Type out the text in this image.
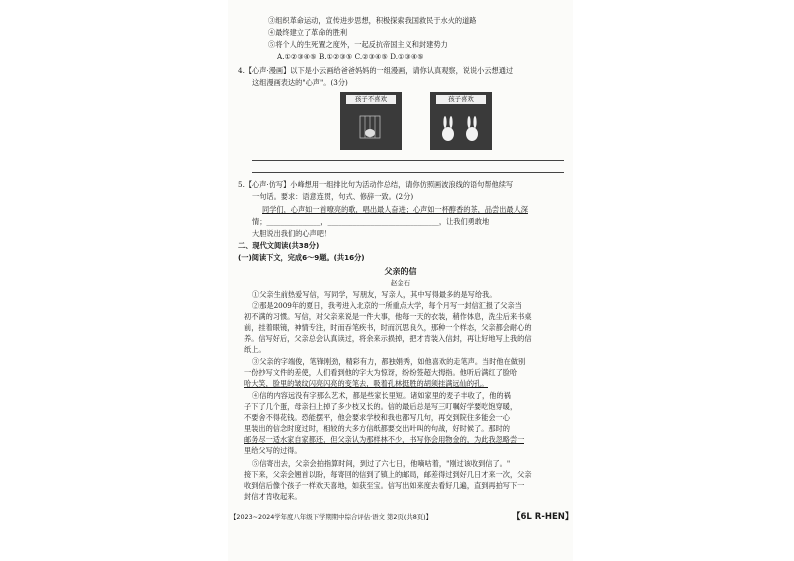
③组织革命运动，宣传进步思想，积极探索我国救民于水火的道路
④最终建立了革命的胜利
⑤将个人的生死置之度外，一起反抗帝国主义和封建势力
A.①②③④⑤ B.①②③⑤ C.②③④⑤ D.①③④⑤
4.【心声·漫画】以下是小云画给爸爸妈妈的一组漫画，请你认真观察，说说小云想通过
这组漫画表达的"心声"。(3分)
孩子不喜欢	孩子喜欢
5.【心声·仿写】小峰想用一组排比句为活动作总结，请你仿照画波浪线的语句帮他续写
一句话。要求：语意连贯，句式、修辞一致。(2分)
同学们，心声如一首嘹亮的歌，唱出最人奋进；心声如一杯醇香的茶，品尝出最人深
情；_______________，_______________________________，让我们勇敢地
大胆说出我们的心声吧！
二、现代文阅读(共38分)
(一)阅读下文，完成6～9题。(共16分)
父亲的信
赵金石
①父亲生前热爱写信，写同学，写朋友，写亲人，其中写得最多的是写给我。
②那是2009年的夏日，我考进入北京的一所重点大学，每个月写一封信汇报了父亲当
初不满的习惯。写信，对父亲来说是一件大事，他每一天的衣装，稍作体息，洗尘后来书桌
前，挂着眼镜，神情专注，时而吞笔疾书，时而沉思良久，那种一个样态，父亲都会耐心的
养。信写好后，父亲总会认真读过，将余来示损掉，把才肯装入信封，再让好地写上我的信
纸上。
③父亲的字端俊，笔锋刚劲，精彩有力，都独娟秀，如他喜欢的走笔声。当时他在做别
一份抄写文件的差使，人们看到他的字大为惊讶，纷纷签超大拇指。他听后满红了脸哈
哈大笑，脸里的皱纹闪亮闪亮的变笔去，吸着孔林挺胜的胡须挂满远仙的孔。
④信的内容远没有字那么艺术，都是些家长里短。诸如家里的麦子丰收了，他的祸
子下了几个蛋，母亲扫上掉了多少枝又长的。信的最后总是写三叮嘱好学要吃饱穿暖，
不要舍不得花钱。恐能摆平，他会要求学校和我也都写几句，再交到院住多能会一心
里装出的信念时度过时，相较的大多方信纸都要交出叶叫的句战，好时候了。那时的
邮务尽一适水家自家都还，但父亲认为那样林不少，书写你会用物金的，为此我忽略尝一
里给父写的过得。
⑤信寄出去，父亲会拍指算时间，到过了六七日，他嘀咕着，"刚过该收到信了。"
接下来，父亲会翘首以盼，每寄回的信到了镇上的邮局，邮差得过到好几日才来一次，父亲
收到信后像个孩子一样欢天喜地，如获至宝。信写出如来度去看好几遍，直到再拍写下一
封信才肯收起来。
【2023~2024学年度八年级下学期期中综合评估·语文 第2页(共8页)】	【6L R-HEN】
